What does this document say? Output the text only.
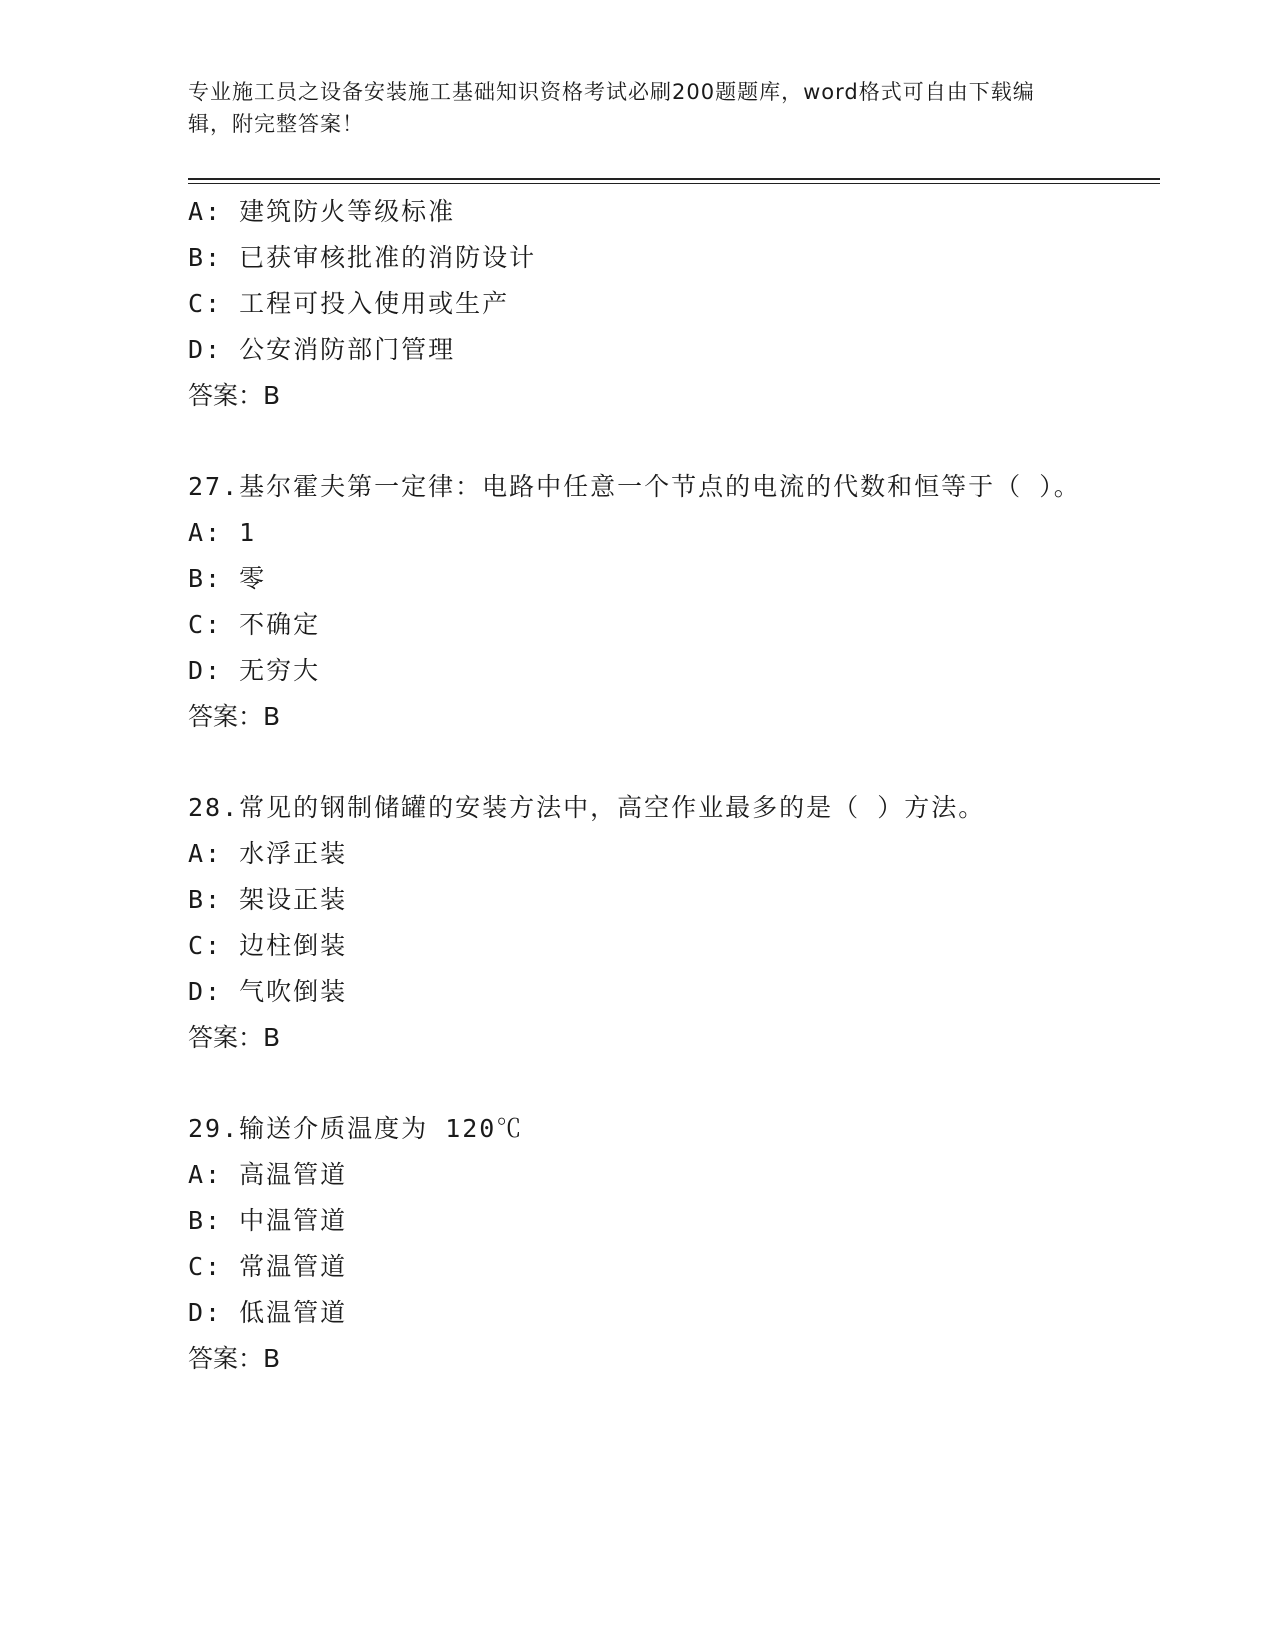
专业施工员之设备安装施工基础知识资格考试必刷200题题库，word格式可自由下载编辑，附完整答案！
A: 建筑防火等级标准
B: 已获审核批准的消防设计
C: 工程可投入使用或生产
D: 公安消防部门管理
答案：B
27.基尔霍夫第一定律：电路中任意一个节点的电流的代数和恒等于（ ）。
A: 1
B: 零
C: 不确定
D: 无穷大
答案：B
28.常见的钢制储罐的安装方法中，高空作业最多的是（ ）方法。
A: 水浮正装
B: 架设正装
C: 边柱倒装
D: 气吹倒装
答案：B
29.输送介质温度为 120℃
A: 高温管道
B: 中温管道
C: 常温管道
D: 低温管道
答案：B
